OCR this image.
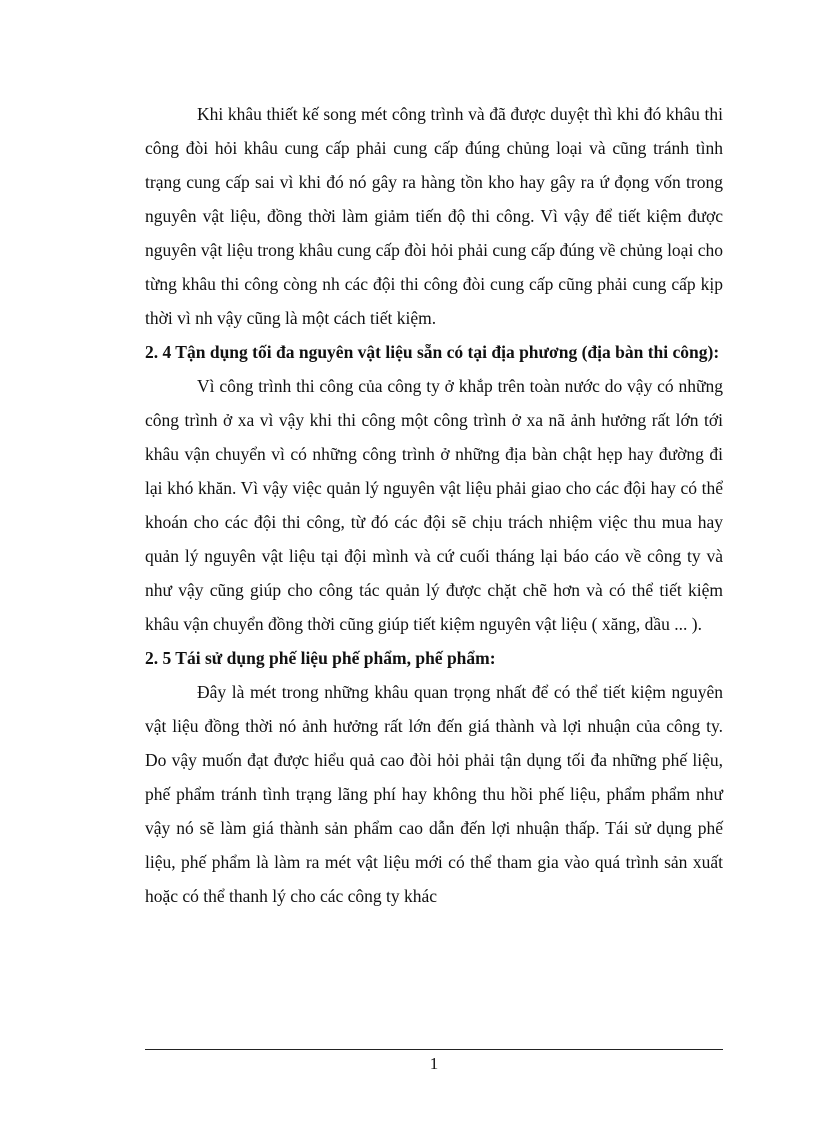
Khi khâu thiết kế song mét công trình và đã được duyệt thì khi đó khâu thi công đòi hỏi khâu cung cấp phải cung cấp đúng chủng loại và cũng tránh tình trạng cung cấp sai vì khi đó nó gây ra hàng tồn kho hay gây ra ứ đọng vốn trong nguyên vật liệu, đồng thời làm giảm tiến độ thi công. Vì vậy để tiết kiệm được nguyên vật liệu trong khâu cung cấp đòi hỏi phải cung cấp đúng về chủng loại cho từng khâu thi công còng nh các đội thi công đòi cung cấp cũng phải cung cấp kịp thời vì nh vậy cũng là một cách tiết kiệm.

2. 4 Tận dụng tối đa nguyên vật liệu sẵn có tại địa phương (địa bàn thi công):

Vì công trình thi công của công ty ở khắp trên toàn nước do vậy có những công trình ở xa vì vậy khi thi công một công trình ở xa nã ảnh hưởng rất lớn tới khâu vận chuyển vì có những công trình ở những địa bàn chật hẹp hay đường đi lại khó khăn. Vì vậy việc quản lý nguyên vật liệu phải giao cho các đội hay có thể khoán cho các đội thi công, từ đó các đội sẽ chịu trách nhiệm việc thu mua hay quản lý nguyên vật liệu tại đội mình và cứ cuối tháng lại báo cáo về công ty và như vậy cũng giúp cho công tác quản lý được chặt chẽ hơn và có thể tiết kiệm khâu vận chuyển đồng thời cũng giúp tiết kiệm nguyên vật liệu ( xăng, dầu ... ).

2. 5 Tái sử dụng phế liệu phế phẩm, phế phẩm:

Đây là mét trong những khâu quan trọng nhất để có thể tiết kiệm nguyên vật liệu đồng thời nó ảnh hưởng rất lớn đến giá thành và lợi nhuận của công ty. Do vậy muốn đạt được hiểu quả cao đòi hỏi phải tận dụng tối đa những phế liệu, phế phẩm tránh tình trạng lãng phí hay không thu hồi phế liệu, phẩm phẩm như vậy nó sẽ làm giá thành sản phẩm cao dẫn đến lợi nhuận thấp. Tái sử dụng phế liệu, phế phẩm là làm ra mét vật liệu mới có thể tham gia vào quá trình sản xuất hoặc có thể thanh lý cho các công ty khác

1
